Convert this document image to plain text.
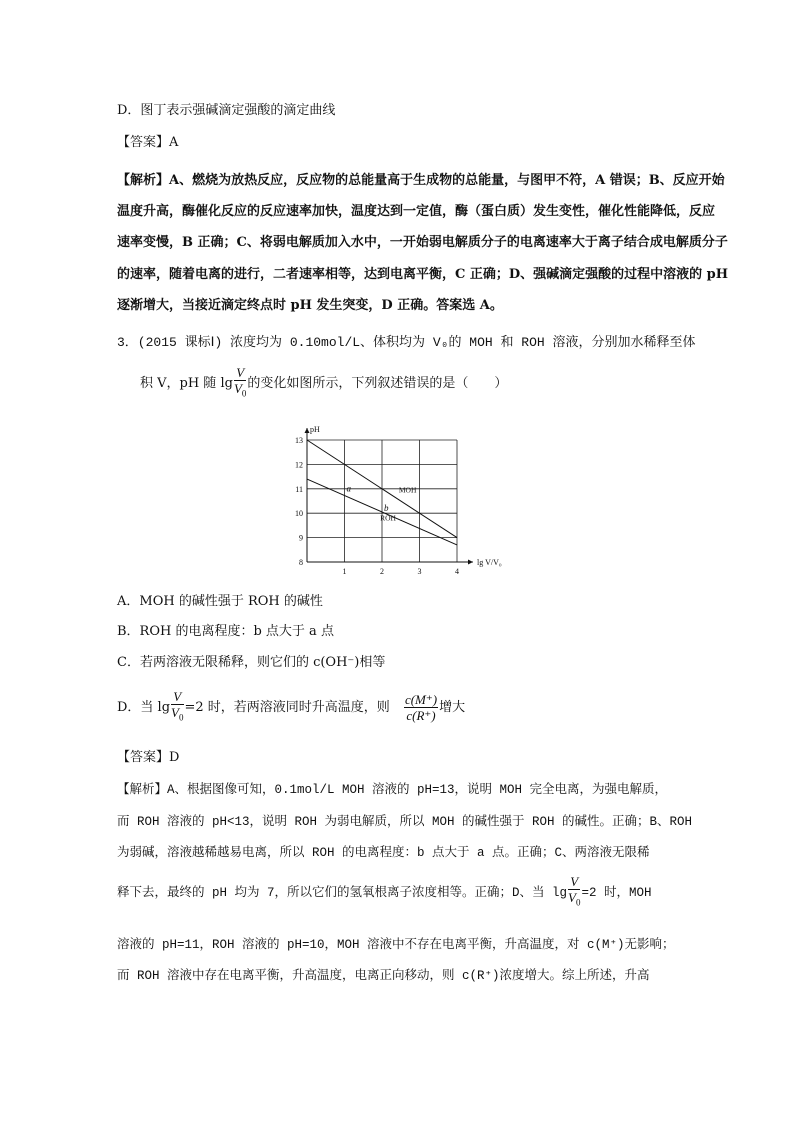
D．图丁表示强碱滴定强酸的滴定曲线
【答案】A
【解析】A、燃烧为放热反应，反应物的总能量高于生成物的总能量，与图甲不符，A 错误；B、反应开始
温度升高，酶催化反应的反应速率加快，温度达到一定值，酶（蛋白质）发生变性，催化性能降低，反应
速率变慢，B 正确；C、将弱电解质加入水中，一开始弱电解质分子的电离速率大于离子结合成电解质分子
的速率，随着电离的进行，二者速率相等，达到电离平衡，C 正确；D、强碱滴定强酸的过程中溶液的 pH
逐渐增大，当接近滴定终点时 pH 发生突变，D 正确。答案选 A。
3．(2015 课标Ⅰ) 浓度均为 0.10mol/L、体积均为 V₀的 MOH 和 ROH 溶液，分别加水稀释至体
积 V，pH 随 $\lg \frac{V}{V_0}$ 的变化如图所示，下列叙述错误的是（　　）
8
9
10
11
12
13
1	2	3	4
pH
lg V/V₀
MOH
ROH
a
b
A．MOH 的碱性强于 ROH 的碱性
B．ROH 的电离程度：b 点大于 a 点
C．若两溶液无限稀释，则它们的 c(OH⁻)相等
D．当 $\lg \frac{V}{V_0} =2$ 时，若两溶液同时升高温度，则 $\frac{c(M^+)}{c(R^+)}$ 增大
【答案】D
【解析】A、根据图像可知，0.1mol/L MOH 溶液的 pH=13，说明 MOH 完全电离，为强电解质，
而 ROH 溶液的 pH<13，说明 ROH 为弱电解质，所以 MOH 的碱性强于 ROH 的碱性。正确；B、ROH
为弱碱，溶液越稀越易电离，所以 ROH 的电离程度：b 点大于 a 点。正确；C、两溶液无限稀
释下去，最终的 pH 均为 7，所以它们的氢氧根离子浓度相等。正确；D、当 $\lg \frac{V}{V_0} =2$ 时，MOH
溶液的 pH=11，ROH 溶液的 pH=10，MOH 溶液中不存在电离平衡，升高温度，对 c(M⁺)无影响；
而 ROH 溶液中存在电离平衡，升高温度，电离正向移动，则 c(R⁺)浓度增大。综上所述，升高
